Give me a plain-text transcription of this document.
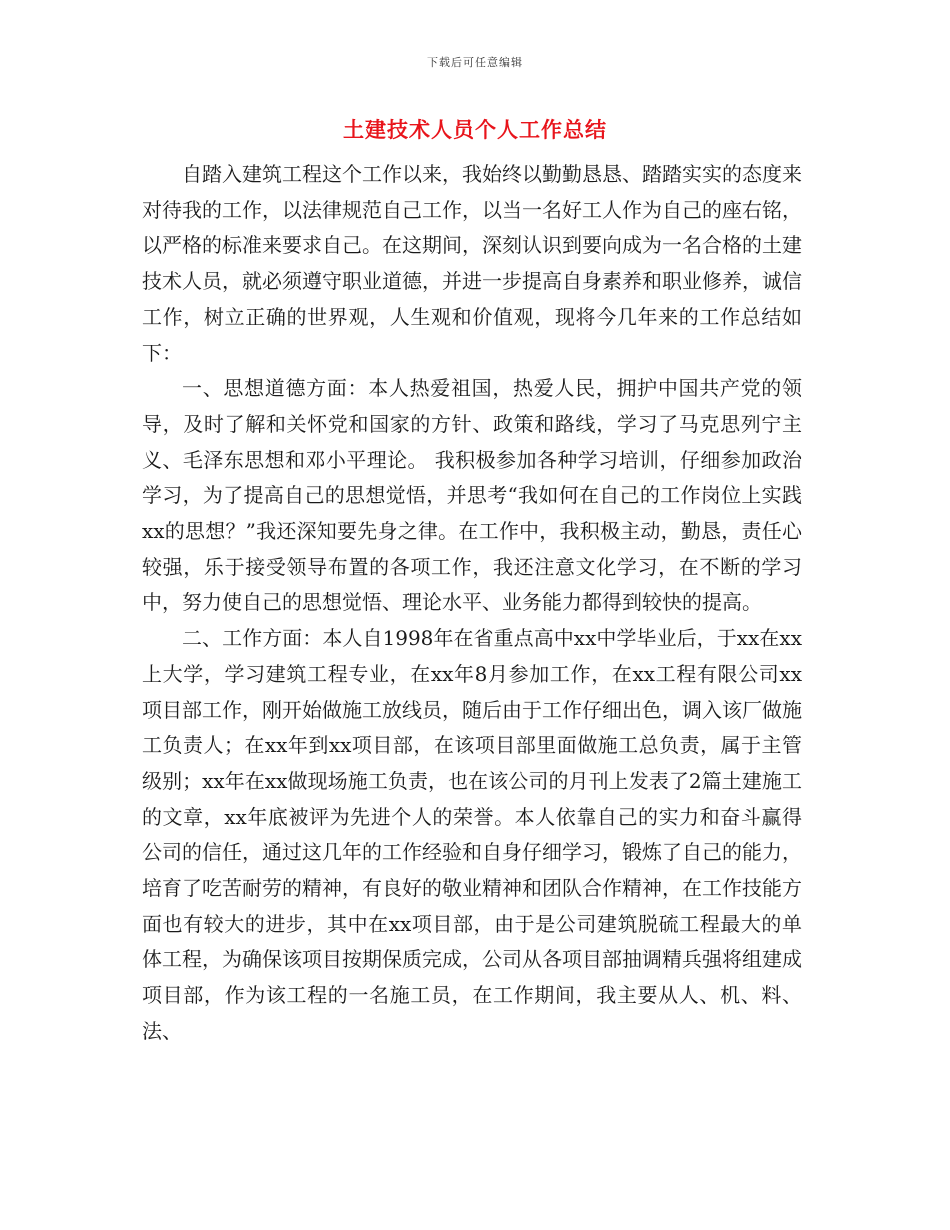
下载后可任意编辑
土建技术人员个人工作总结

自踏入建筑工程这个工作以来，我始终以勤勤恳恳、踏踏实实的态度来对待我的工作，以法律规范自己工作，以当一名好工人作为自己的座右铭，以严格的标准来要求自己。在这期间，深刻认识到要向成为一名合格的土建技术人员，就必须遵守职业道德，并进一步提高自身素养和职业修养，诚信工作，树立正确的世界观，人生观和价值观，现将今几年来的工作总结如下：

一、思想道德方面：本人热爱祖国，热爱人民，拥护中国共产党的领导，及时了解和关怀党和国家的方针、政策和路线，学习了马克思列宁主义、毛泽东思想和邓小平理论。 我积极参加各种学习培训，仔细参加政治学习，为了提高自己的思想觉悟，并思考“我如何在自己的工作岗位上实践xx的思想？”我还深知要先身之律。在工作中，我积极主动，勤恳，责任心较强，乐于接受领导布置的各项工作，我还注意文化学习，在不断的学习中，努力使自己的思想觉悟、理论水平、业务能力都得到较快的提高。

二、工作方面：本人自1998年在省重点高中xx中学毕业后，于xx在xx上大学，学习建筑工程专业，在xx年8月参加工作，在xx工程有限公司xx项目部工作，刚开始做施工放线员，随后由于工作仔细出色，调入该厂做施工负责人；在xx年到xx项目部，在该项目部里面做施工总负责，属于主管级别；xx年在xx做现场施工负责，也在该公司的月刊上发表了2篇土建施工的文章，xx年底被评为先进个人的荣誉。本人依靠自己的实力和奋斗赢得公司的信任，通过这几年的工作经验和自身仔细学习，锻炼了自己的能力，培育了吃苦耐劳的精神，有良好的敬业精神和团队合作精神，在工作技能方面也有较大的进步，其中在xx项目部，由于是公司建筑脱硫工程最大的单体工程，为确保该项目按期保质完成，公司从各项目部抽调精兵强将组建成项目部，作为该工程的一名施工员，在工作期间，我主要从人、机、料、法、
